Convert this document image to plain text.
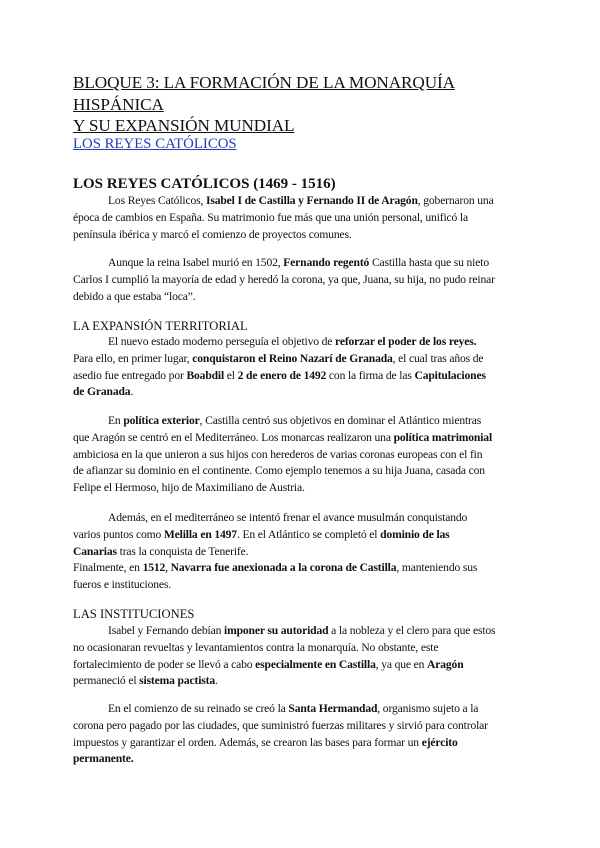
BLOQUE 3: LA FORMACIÓN DE LA MONARQUÍA HISPÁNICA
Y SU EXPANSIÓN MUNDIAL
LOS REYES CATÓLICOS
LOS REYES CATÓLICOS (1469 - 1516)

Los Reyes Católicos, Isabel I de Castilla y Fernando II de Aragón, gobernaron una

época de cambios en España. Su matrimonio fue más que una unión personal, unificó la

península ibérica y marcó el comienzo de proyectos comunes.

Aunque la reina Isabel murió en 1502, Fernando regentó Castilla hasta que su nieto

Carlos I cumplió la mayoría de edad y heredó la corona, ya que, Juana, su hija, no pudo reinar

debido a que estaba “loca”.

LA EXPANSIÓN TERRITORIAL

El nuevo estado moderno perseguía el objetivo de reforzar el poder de los reyes.

Para ello, en primer lugar, conquistaron el Reino Nazarí de Granada, el cual tras años de

asedio fue entregado por Boabdil el 2 de enero de 1492 con la firma de las Capitulaciones

de Granada.

En política exterior, Castilla centró sus objetivos en dominar el Atlántico mientras

que Aragón se centró en el Mediterráneo. Los monarcas realizaron una política matrimonial

ambiciosa en la que unieron a sus hijos con herederos de varias coronas europeas con el fin

de afianzar su dominio en el continente. Como ejemplo tenemos a su hija Juana, casada con

Felipe el Hermoso, hijo de Maximiliano de Austria.

Además, en el mediterráneo se intentó frenar el avance musulmán conquistando

varios puntos como Melilla en 1497. En el Atlántico se completó el dominio de las

Canarias tras la conquista de Tenerife.

Finalmente, en 1512, Navarra fue anexionada a la corona de Castilla, manteniendo sus

fueros e instituciones.

LAS INSTITUCIONES

Isabel y Fernando debían imponer su autoridad a la nobleza y el clero para que estos

no ocasionaran revueltas y levantamientos contra la monarquía. No obstante, este

fortalecimiento de poder se llevó a cabo especialmente en Castilla, ya que en Aragón

permaneció el sistema pactista.

En el comienzo de su reinado se creó la Santa Hermandad, organismo sujeto a la

corona pero pagado por las ciudades, que suministró fuerzas militares y sirvió para controlar

impuestos y garantizar el orden. Además, se crearon las bases para formar un ejército

permanente.
